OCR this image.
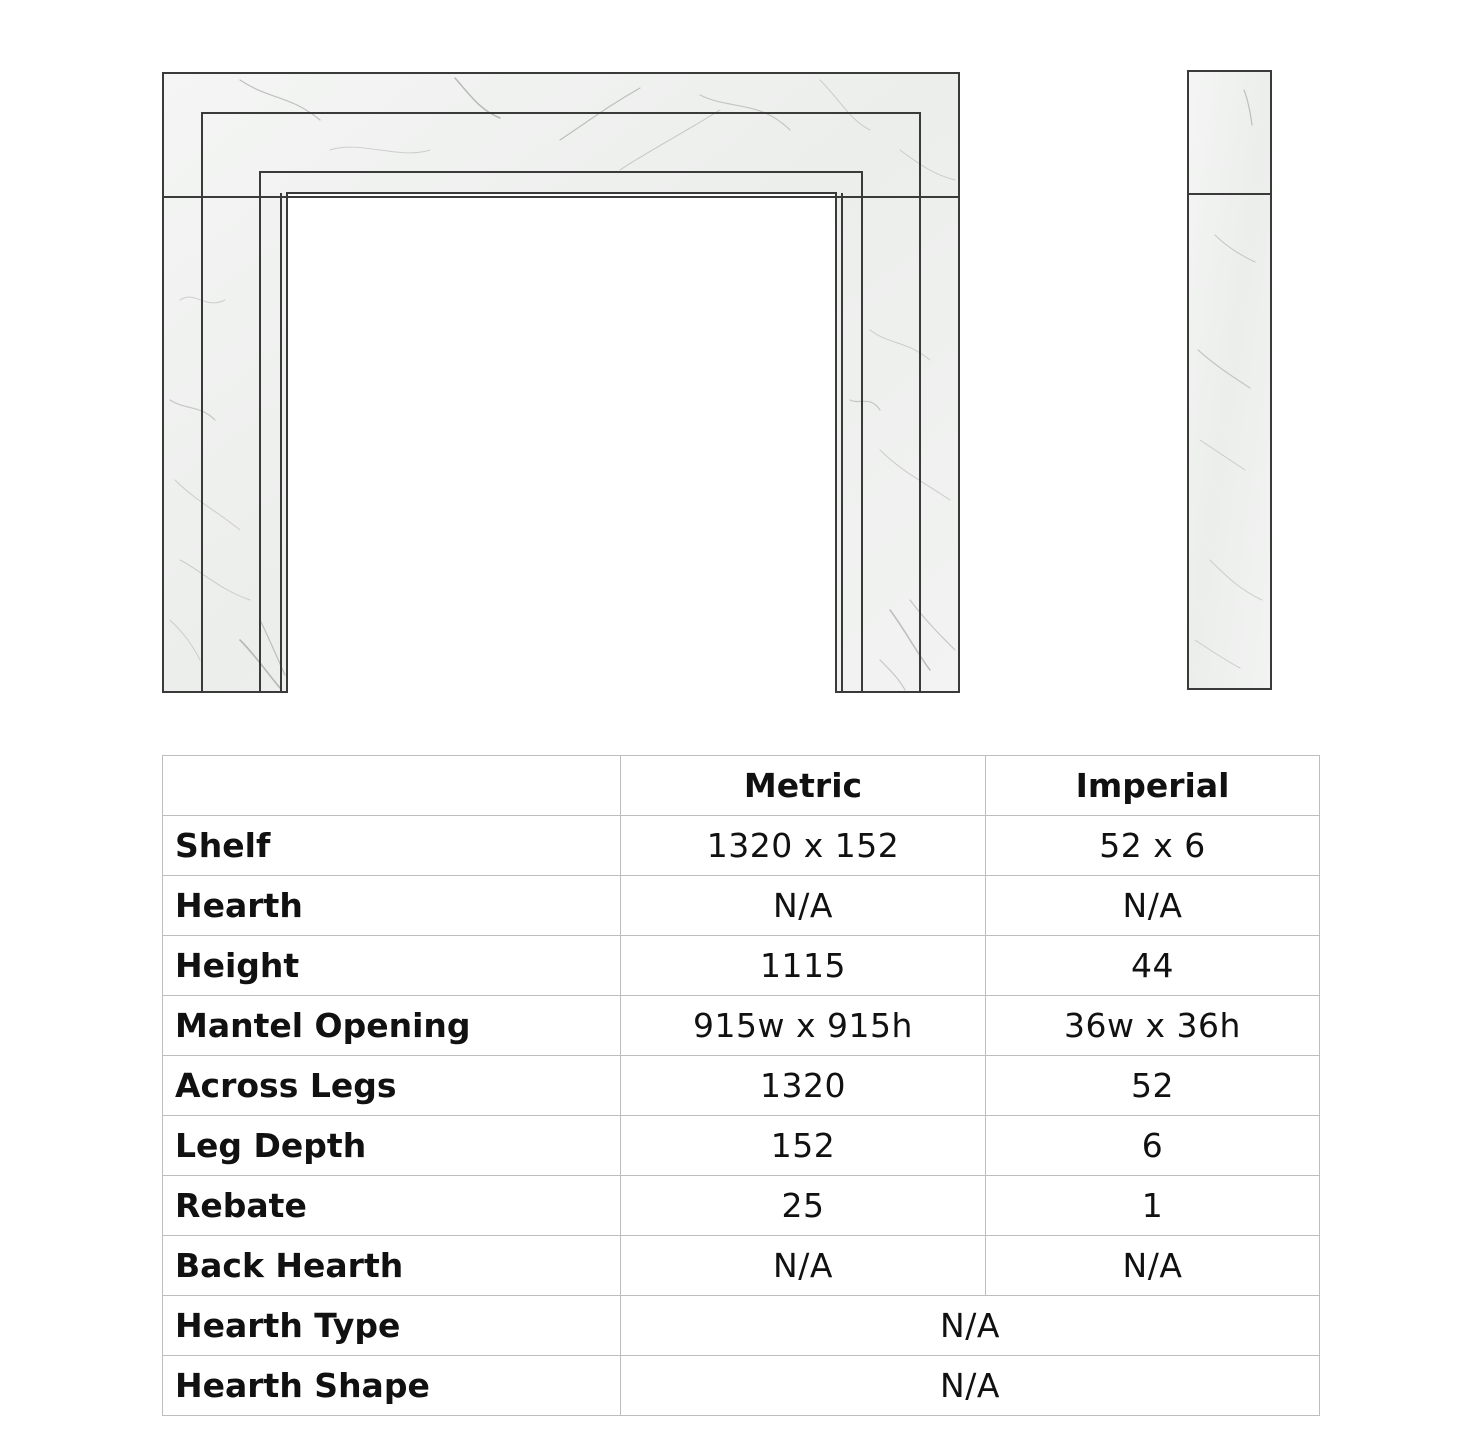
	Metric	Imperial
Shelf	1320 x 152	52 x 6
Hearth	N/A	N/A
Height	1115	44
Mantel Opening	915w x 915h	36w x 36h
Across Legs	1320	52
Leg Depth	152	6
Rebate	25	1
Back Hearth	N/A	N/A
Hearth Type	N/A	
Hearth Shape	N/A	
